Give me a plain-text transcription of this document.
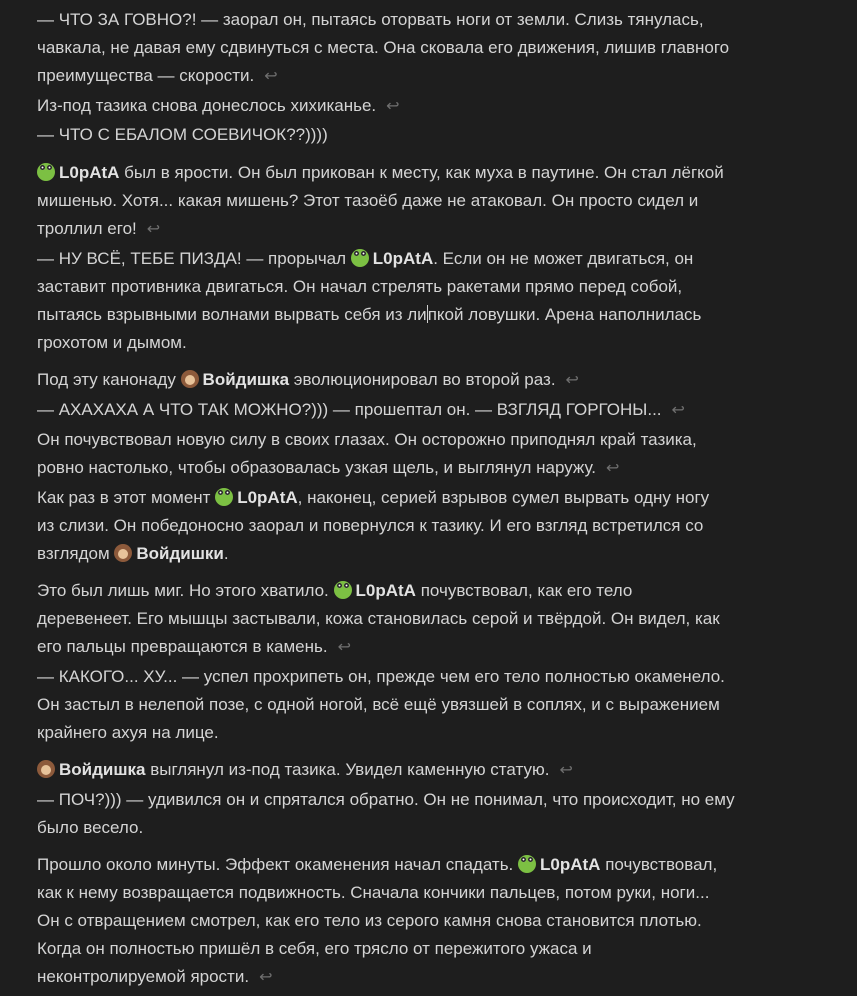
— ЧТО ЗА ГОВНО?! — заорал он, пытаясь оторвать ноги от земли. Слизь тянулась,
чавкала, не давая ему сдвинуться с места. Она сковала его движения, лишив главного
преимущества — скорости. ↩
Из-под тазика снова донеслось хихиканье. ↩
— ЧТО С ЕБАЛОМ СОЕВИЧОК??))))
L0pAtA был в ярости. Он был прикован к месту, как муха в паутине. Он стал лёгкой
мишенью. Хотя... какая мишень? Этот тазоёб даже не атаковал. Он просто сидел и
троллил его! ↩
— НУ ВСЁ, ТЕБЕ ПИЗДА! — прорычал L0pAtA. Если он не может двигаться, он
заставит противника двигаться. Он начал стрелять ракетами прямо перед собой,
пытаясь взрывными волнами вырвать себя из липкой ловушки. Арена наполнилась
грохотом и дымом.
Под эту канонаду Войдишка эволюционировал во второй раз. ↩
— АХАХАХА А ЧТО ТАК МОЖНО?))) — прошептал он. — ВЗГЛЯД ГОРГОНЫ... ↩
Он почувствовал новую силу в своих глазах. Он осторожно приподнял край тазика,
ровно настолько, чтобы образовалась узкая щель, и выглянул наружу. ↩
Как раз в этот момент L0pAtA, наконец, серией взрывов сумел вырвать одну ногу
из слизи. Он победоносно заорал и повернулся к тазику. И его взгляд встретился со
взглядом Войдишки.
Это был лишь миг. Но этого хватило. L0pAtA почувствовал, как его тело
деревенеет. Его мышцы застывали, кожа становилась серой и твёрдой. Он видел, как
его пальцы превращаются в камень. ↩
— КАКОГО... ХУ... — успел прохрипеть он, прежде чем его тело полностью окаменело.
Он застыл в нелепой позе, с одной ногой, всё ещё увязшей в соплях, и с выражением
крайнего ахуя на лице.
Войдишка выглянул из-под тазика. Увидел каменную статую. ↩
— ПОЧ?))) — удивился он и спрятался обратно. Он не понимал, что происходит, но ему
было весело.
Прошло около минуты. Эффект окаменения начал спадать. L0pAtA почувствовал,
как к нему возвращается подвижность. Сначала кончики пальцев, потом руки, ноги...
Он с отвращением смотрел, как его тело из серого камня снова становится плотью.
Когда он полностью пришёл в себя, его трясло от пережитого ужаса и
неконтролируемой ярости. ↩
